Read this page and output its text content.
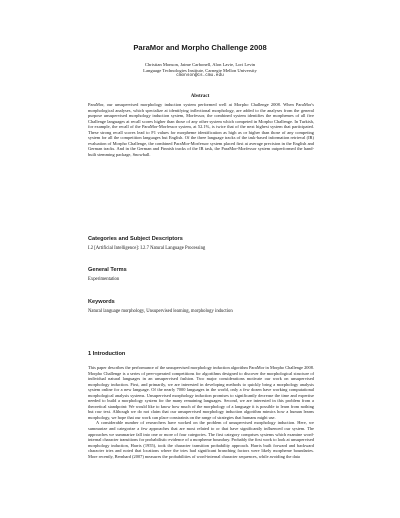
ParaMor and Morpho Challenge 2008
Christian Monson, Jaime Carbonell, Alon Lavie, Lori Levin
Language Technologies Institute, Carnegie Mellon University
cmonson@cs.cmu.edu
Abstract
ParaMor, our unsupervised morphology induction system performed well at Morpho Challenge 2008. When ParaMor's morphological analyses, which specialize at identifying inflectional morphology, are added to the analyses from the general purpose unsupervised morphology induction system, Morfessor, the combined system identifies the morphemes of all five Challenge languages at recall scores higher than those of any other system which competed in Morpho Challenge. In Turkish, for example, the recall of the ParaMor-Morfessor system, at 52.1%, is twice that of the next highest system that participated. These strong recall scores lead to F1 values for morpheme identification as high as or higher than those of any competing system for all the competition languages but English. Of the three language tracks of the task-based information retrieval (IR) evaluation of Morpho Challenge, the combined ParaMor-Morfessor system placed first at average precision in the English and German tracks. And in the German and Finnish tracks of the IR task, the ParaMor-Morfessor system outperformed the hand-built stemming package, Snowball.
Categories and Subject Descriptors
I.2 [Artificial Intelligence]: I.2.7 Natural Language Processing
General Terms
Experimentation
Keywords
Natural language morphology, Unsupervised learning, morphology induction
1 Introduction

This paper describes the performance of the unsupervised morphology induction algorithm ParaMor in Morpho Challenge 2008. Morpho Challenge is a series of peer-operated competitions for algorithms designed to discover the morphological structure of individual natural languages in an unsupervised fashion. Two major considerations motivate our work on unsupervised morphology induction. First, and primarily, we are interested in developing methods to quickly bring a morphology analysis system online for a new language. Of the nearly 7000 languages in the world, only a few dozen have working computational morphological analysis systems. Unsupervised morphology induction promises to significantly decrease the time and expertise needed to build a morphology system for the many remaining languages. Second, we are interested in this problem from a theoretical standpoint: We would like to know how much of the morphology of a language it is possible to learn from nothing but raw text. Although we do not claim that our unsupervised morphology induction algorithm mimics how a human learns morphology, we hope that our work can place constraints on the range of strategies that humans might use.

A considerable number of researchers have worked on the problem of unsupervised morphology induction. Here, we summarize and categorize a few approaches that are most related to or that have significantly influenced our system. The approaches we summarize fall into one or more of four categories. The first category comprises systems which examine word-internal character transitions for probabilistic evidence of a morpheme boundary. Probably the first work to look at unsupervised morphology induction, Harris (1955), took the character transition probability approach. Harris built forward and backward character tries and noted that locations where the tries had significant branching factors were likely morpheme boundaries. More recently, Bernhard (2007) measures the probabilities of word-internal character sequences, while avoiding the data
